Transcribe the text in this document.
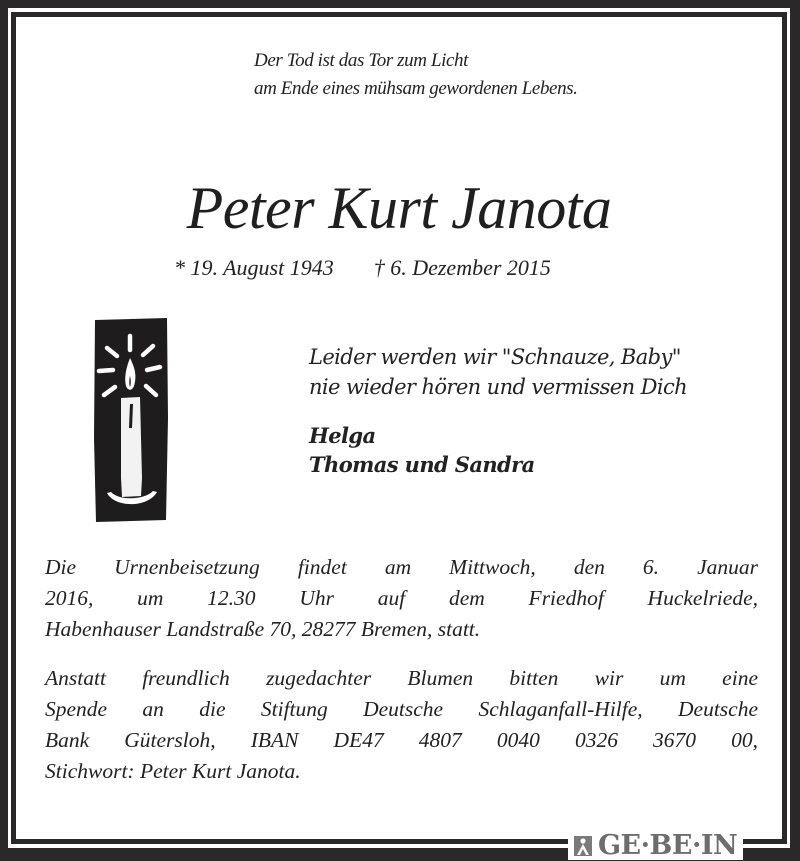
Der Tod ist das Tor zum Licht
am Ende eines mühsam gewordenen Lebens.
Peter Kurt Janota
* 19. August 1943 † 6. Dezember 2015
Leider werden wir "Schnauze, Baby"
nie wieder hören und vermissen Dich
Helga
Thomas und Sandra
Die Urnenbeisetzung findet am Mittwoch, den 6. Januar
2016, um 12.30 Uhr auf dem Friedhof Huckelriede,
Habenhauser Landstraße 70, 28277 Bremen, statt.
Anstatt freundlich zugedachter Blumen bitten wir um eine
Spende an die Stiftung Deutsche Schlaganfall-Hilfe, Deutsche
Bank Gütersloh, IBAN DE47 4807 0040 0326 3670 00,
Stichwort: Peter Kurt Janota.
GE·BE·IN
